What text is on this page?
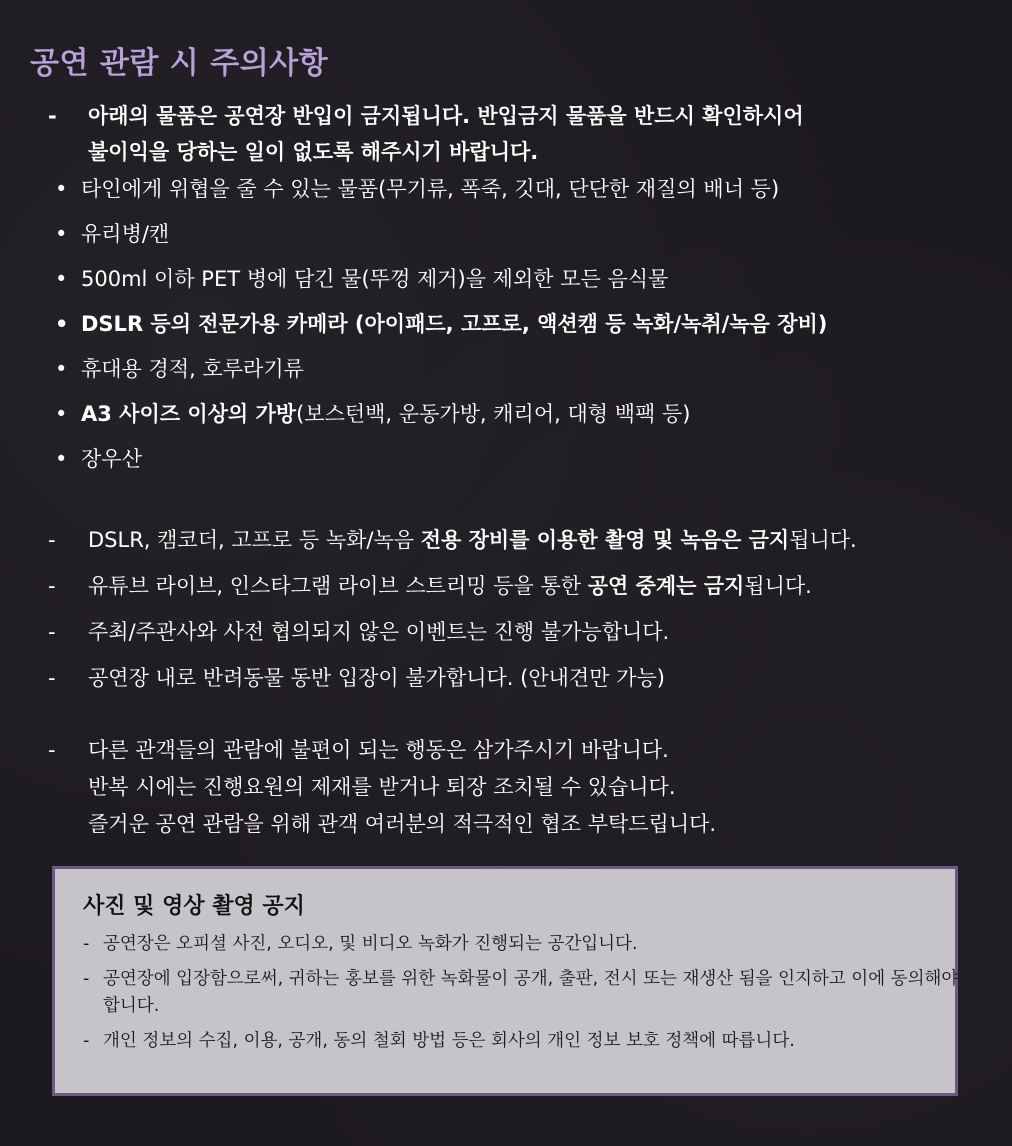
공연 관람 시 주의사항
- 아래의 물품은 공연장 반입이 금지됩니다. 반입금지 물품을 반드시 확인하시어
불이익을 당하는 일이 없도록 해주시기 바랍니다.
• 타인에게 위협을 줄 수 있는 물품(무기류, 폭죽, 깃대, 단단한 재질의 배너 등)
• 유리병/캔
• 500ml 이하 PET 병에 담긴 물(뚜껑 제거)을 제외한 모든 음식물
• DSLR 등의 전문가용 카메라 (아이패드, 고프로, 액션캠 등 녹화/녹취/녹음 장비)
• 휴대용 경적, 호루라기류
• A3 사이즈 이상의 가방(보스턴백, 운동가방, 캐리어, 대형 백팩 등)
• 장우산
- DSLR, 캠코더, 고프로 등 녹화/녹음 전용 장비를 이용한 촬영 및 녹음은 금지됩니다.
- 유튜브 라이브, 인스타그램 라이브 스트리밍 등을 통한 공연 중계는 금지됩니다.
- 주최/주관사와 사전 협의되지 않은 이벤트는 진행 불가능합니다.
- 공연장 내로 반려동물 동반 입장이 불가합니다. (안내견만 가능)
- 다른 관객들의 관람에 불편이 되는 행동은 삼가주시기 바랍니다.
반복 시에는 진행요원의 제재를 받거나 퇴장 조치될 수 있습니다.
즐거운 공연 관람을 위해 관객 여러분의 적극적인 협조 부탁드립니다.
사진 및 영상 촬영 공지
- 공연장은 오피셜 사진, 오디오, 및 비디오 녹화가 진행되는 공간입니다.
- 공연장에 입장함으로써, 귀하는 홍보를 위한 녹화물이 공개, 출판, 전시 또는 재생산 됨을 인지하고 이에 동의해야 합니다.
- 개인 정보의 수집, 이용, 공개, 동의 철회 방법 등은 회사의 개인 정보 보호 정책에 따릅니다.
